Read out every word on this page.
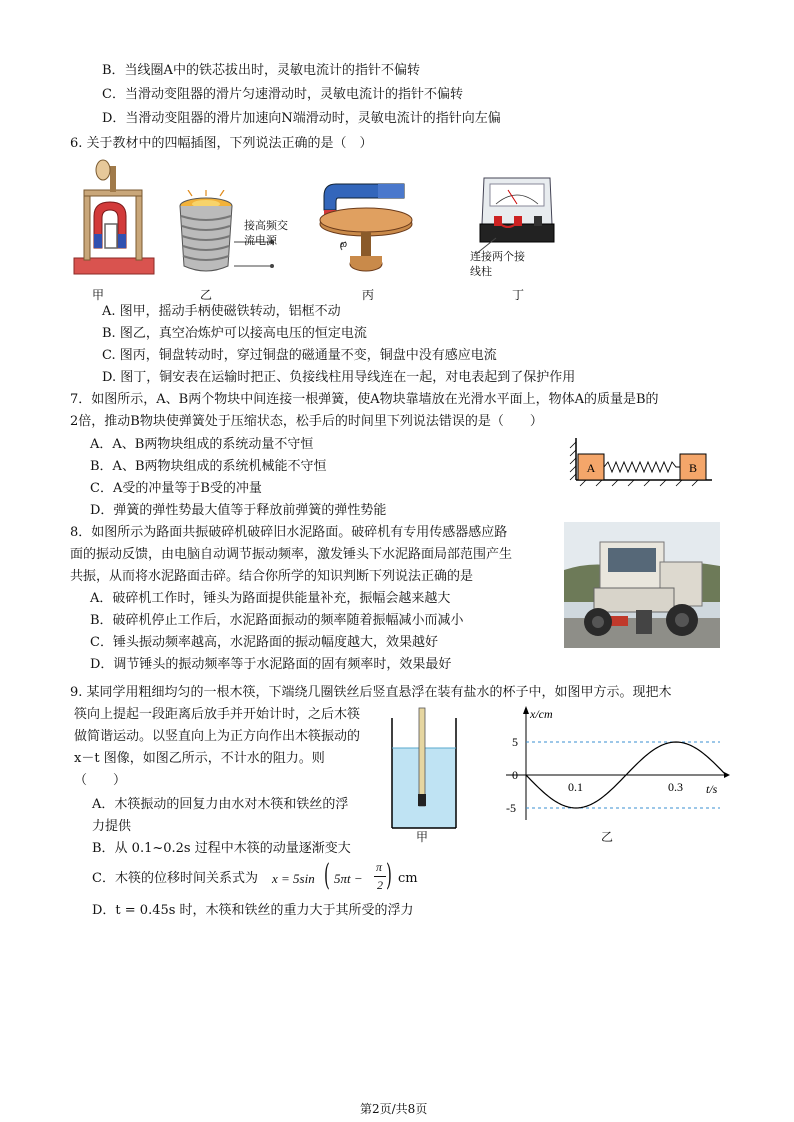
B．当线圈A中的铁芯拔出时，灵敏电流计的指针不偏转
C．当滑动变阻器的滑片匀速滑动时，灵敏电流计的指针不偏转
D．当滑动变阻器的滑片加速向N端滑动时，灵敏电流计的指针向左偏
6. 关于教材中的四幅插图，下列说法正确的是（　）
甲
接高频交
流电源
乙
ω
丙
连接两个接
线柱
丁
A. 图甲，摇动手柄使磁铁转动，铝框不动
B. 图乙，真空冶炼炉可以接高电压的恒定电流
C. 图丙，铜盘转动时，穿过铜盘的磁通量不变，铜盘中没有感应电流
D. 图丁，铜安表在运输时把正、负接线柱用导线连在一起，对电表起到了保护作用
7．如图所示，A、B两个物块中间连接一根弹簧，使A物块靠墙放在光滑水平面上，物体A的质量是B的
2倍，推动B物块使弹簧处于压缩状态，松手后的时间里下列说法错误的是（　　）
A．A、B两物块组成的系统动量不守恒
B．A、B两物块组成的系统机械能不守恒
C．A受的冲量等于B受的冲量
D．弹簧的弹性势最大值等于释放前弹簧的弹性势能
A	B
8．如图所示为路面共振破碎机破碎旧水泥路面。破碎机有专用传感器感应路
面的振动反馈，由电脑自动调节振动频率，激发锤头下水泥路面局部范围产生
共振，从而将水泥路面击碎。结合你所学的知识判断下列说法正确的是
A．破碎机工作时，锤头为路面提供能量补充，振幅会越来越大
B．破碎机停止工作后，水泥路面振动的频率随着振幅减小而减小
C．锤头振动频率越高，水泥路面的振动幅度越大，效果越好
D．调节锤头的振动频率等于水泥路面的固有频率时，效果最好
9. 某同学用粗细均匀的一根木筷，下端绕几圈铁丝后竖直悬浮在装有盐水的杯子中，如图甲方示。现把木
筷向上提起一段距离后放手并开始计时，之后木筷
做简谐运动。以竖直向上为正方向作出木筷振动的
x－t 图像，如图乙所示，不计水的阻力。则
（　　）
A．木筷振动的回复力由水对木筷和铁丝的浮
力提供
B．从 0.1~0.2s 过程中木筷的动量逐渐变大
C．木筷的位移时间关系式为 x = 5sin ( 5πt −
π
2 ) cm
D．t = 0.45s 时，木筷和铁丝的重力大于其所受的浮力
甲
x/cm
t/s
0.1	0.3
5
0
-5
乙
第2页/共8页
